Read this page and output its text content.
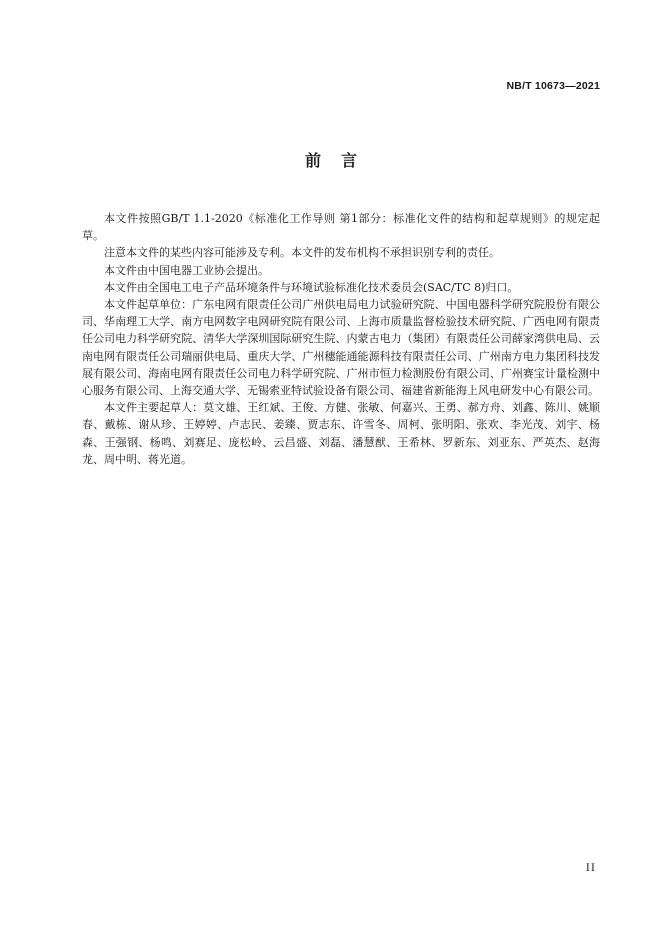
NB/T 10673—2021
前言

本文件按照GB/T 1.1-2020《标准化工作导则 第1部分：标准化文件的结构和起草规则》的规定起草。

注意本文件的某些内容可能涉及专利。本文件的发布机构不承担识别专利的责任。

本文件由中国电器工业协会提出。

本文件由全国电工电子产品环境条件与环境试验标准化技术委员会(SAC/TC 8)归口。

本文件起草单位：广东电网有限责任公司广州供电局电力试验研究院、中国电器科学研究院股份有限公司、华南理工大学、南方电网数字电网研究院有限公司、上海市质量监督检验技术研究院、广西电网有限责任公司电力科学研究院、清华大学深圳国际研究生院、内蒙古电力（集团）有限责任公司薛家湾供电局、云南电网有限责任公司瑞丽供电局、重庆大学、广州穗能通能源科技有限责任公司、广州南方电力集团科技发展有限公司、海南电网有限责任公司电力科学研究院、广州市恒力检测股份有限公司、广州赛宝计量检测中心服务有限公司、上海交通大学、无锡索亚特试验设备有限公司、福建省新能海上风电研发中心有限公司。

本文件主要起草人：莫文雄、王红斌、王俊、方健、张敏、何嘉兴、王勇、郝方舟、刘鑫、陈川、姚顺春、戴栋、谢从珍、王婷婷、卢志民、姜臻、贾志东、许雪冬、周柯、张明阳、张欢、李光茂、刘宇、杨森、王强钢、杨鸣、刘赛足、庞松岭、云昌盛、刘磊、潘慧猷、王希林、罗新东、刘亚东、严英杰、赵海龙、周中明、蒋光道。

II
